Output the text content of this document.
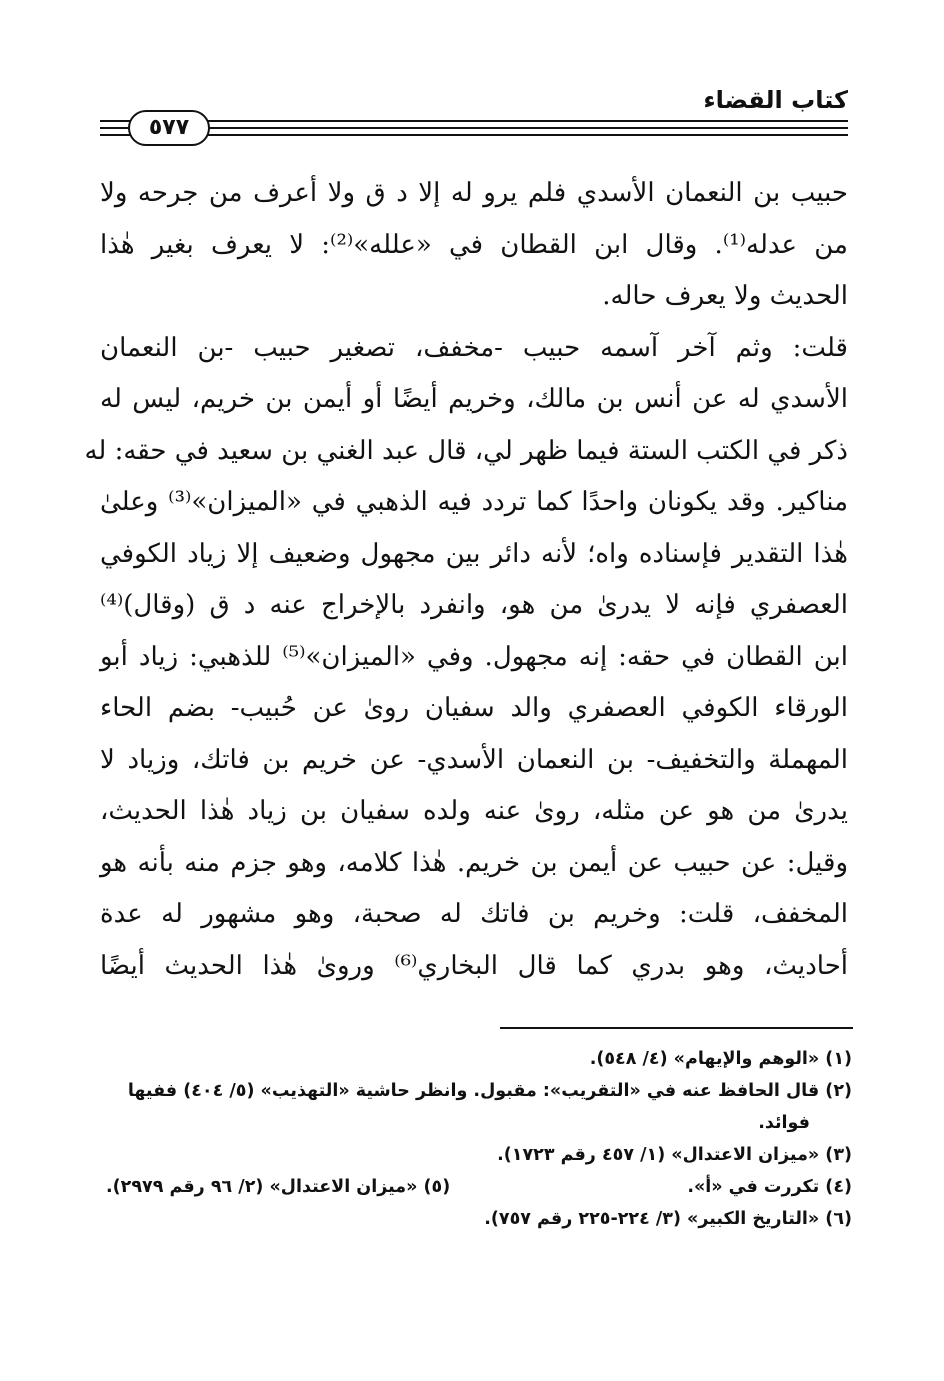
كتاب القضاء
٥٧٧
حبيب بن النعمان الأسدي فلم يرو له إلا د ق ولا أعرف من جرحه ولا
من عدله⁽¹⁾. وقال ابن القطان في «علله»⁽²⁾: لا يعرف بغير هٰذا
الحديث ولا يعرف حاله.
قلت: وثم آخر آسمه حبيب -مخفف، تصغير حبيب -بن النعمان
الأسدي له عن أنس بن مالك، وخريم أيضًا أو أيمن بن خريم، ليس له
ذكر في الكتب الستة فيما ظهر لي، قال عبد الغني بن سعيد في حقه: له
مناكير. وقد يكونان واحدًا كما تردد فيه الذهبي في «الميزان»⁽³⁾ وعلىٰ
هٰذا التقدير فإسناده واه؛ لأنه دائر بين مجهول وضعيف إلا زياد الكوفي
العصفري فإنه لا يدرىٰ من هو، وانفرد بالإخراج عنه د ق (وقال)⁽⁴⁾
ابن القطان في حقه: إنه مجهول. وفي «الميزان»⁽⁵⁾ للذهبي: زياد أبو
الورقاء الكوفي العصفري والد سفيان روىٰ عن حُبيب- بضم الحاء
المهملة والتخفيف- بن النعمان الأسدي- عن خريم بن فاتك، وزياد لا
يدرىٰ من هو عن مثله، روىٰ عنه ولده سفيان بن زياد هٰذا الحديث،
وقيل: عن حبيب عن أيمن بن خريم. هٰذا كلامه، وهو جزم منه بأنه هو
المخفف، قلت: وخريم بن فاتك له صحبة، وهو مشهور له عدة
أحاديث، وهو بدري كما قال البخاري⁽⁶⁾ وروىٰ هٰذا الحديث أيضًا
(١) «الوهم والإيهام» (٤/ ٥٤٨).
(٢) قال الحافظ عنه في «التقريب»: مقبول. وانظر حاشية «التهذيب» (٥/ ٤٠٤) ففيها
فوائد.
(٣) «ميزان الاعتدال» (١/ ٤٥٧ رقم ١٧٢٣).
(٤) تكررت في «أ».
(٥) «ميزان الاعتدال» (٢/ ٩٦ رقم ٢٩٧٩).
(٦) «التاريخ الكبير» (٣/ ٢٢٤-٢٢٥ رقم ٧٥٧).
